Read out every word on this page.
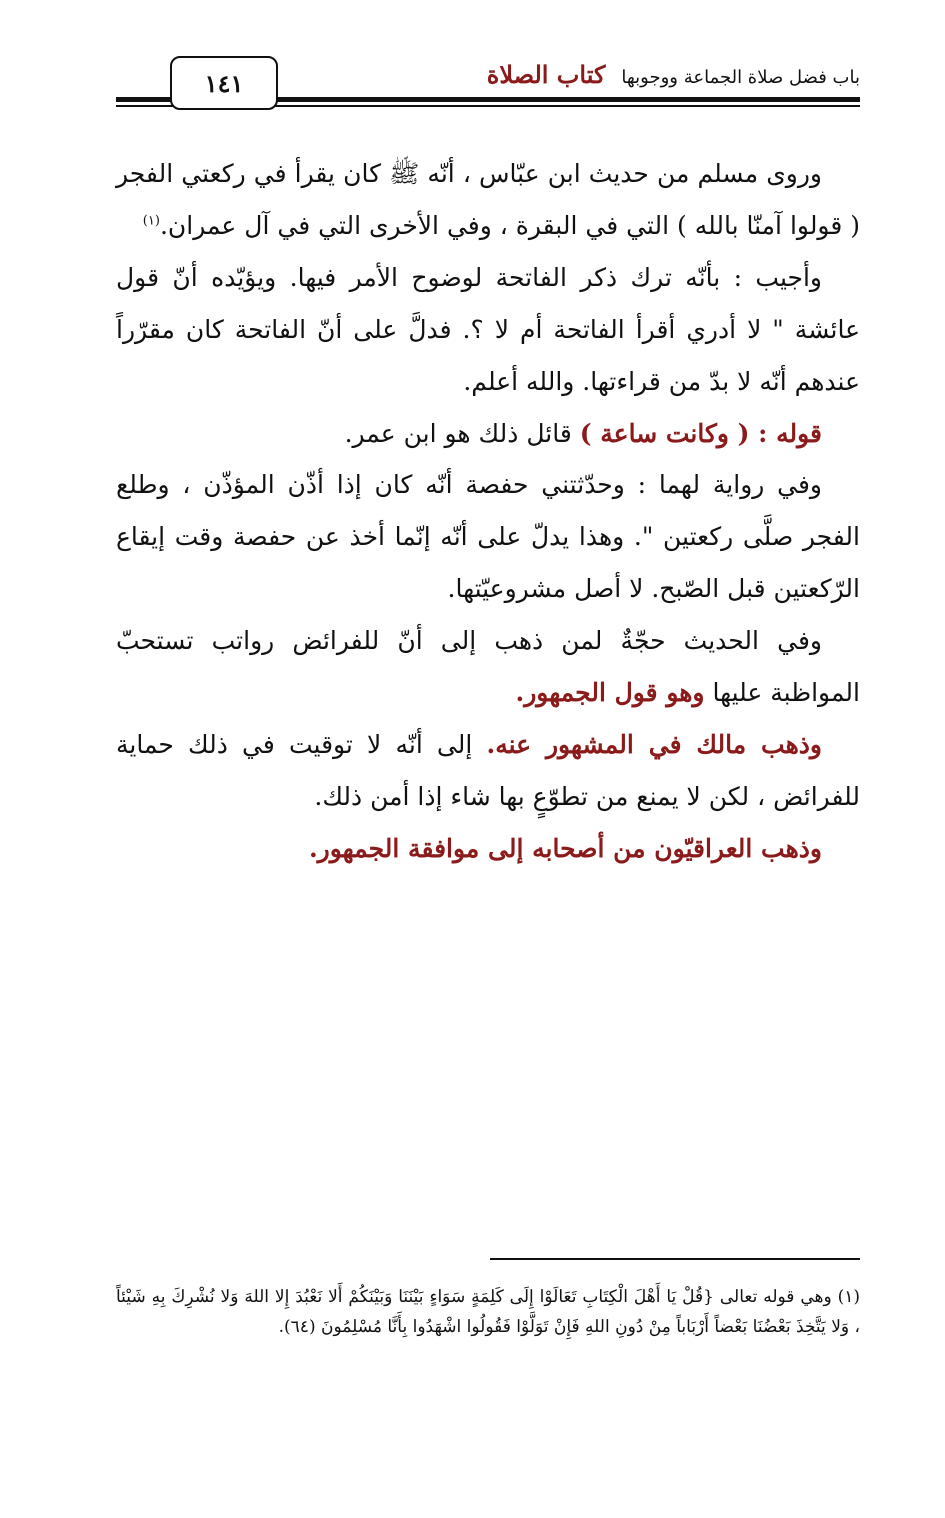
١٤١	باب فضل صلاة الجماعة ووجوبها
كتاب الصلاة

وروى مسلم من حديث ابن عبّاس ، أنّه ﷺ كان يقرأ في ركعتي الفجر ( قولوا آمنّا بالله ) التي في البقرة ، وفي الأخرى التي في آل عمران.$^{(١)}$

وأجيب : بأنّه ترك ذكر الفاتحة لوضوح الأمر فيها. ويؤيّده أنّ قول عائشة " لا أدري أقرأ الفاتحة أم لا ؟. فدلَّ على أنّ الفاتحة كان مقرّراً عندهم أنّه لا بدّ من قراءتها. والله أعلم.

قوله : ( وكانت ساعة ) قائل ذلك هو ابن عمر.

وفي رواية لهما : وحدّثتني حفصة أنّه كان إذا أذّن المؤذّن ، وطلع الفجر صلَّى ركعتين ". وهذا يدلّ على أنّه إنّما أخذ عن حفصة وقت إيقاع الرّكعتين قبل الصّبح. لا أصل مشروعيّتها.

وفي الحديث حجّةٌ لمن ذهب إلى أنّ للفرائض رواتب تستحبّ المواظبة عليها وهو قول الجمهور.

وذهب مالك في المشهور عنه. إلى أنّه لا توقيت في ذلك حماية للفرائض ، لكن لا يمنع من تطوّعٍ بها شاء إذا أمن ذلك.

وذهب العراقيّون من أصحابه إلى موافقة الجمهور.

(١) وهي قوله تعالى {قُلْ يَا أَهْلَ الْكِتَابِ تَعَالَوْا إِلَى كَلِمَةٍ سَوَاءٍ بَيْنَنَا وَبَيْنَكُمْ أَلا نَعْبُدَ إِلا اللهَ وَلا نُشْرِكَ بِهِ شَيْئاً ، وَلا يَتَّخِذَ بَعْضُنَا بَعْضاً أَرْبَاباً مِنْ دُونِ اللهِ فَإِنْ تَوَلَّوْا فَقُولُوا اشْهَدُوا بِأَنَّا مُسْلِمُونَ (٦٤).
